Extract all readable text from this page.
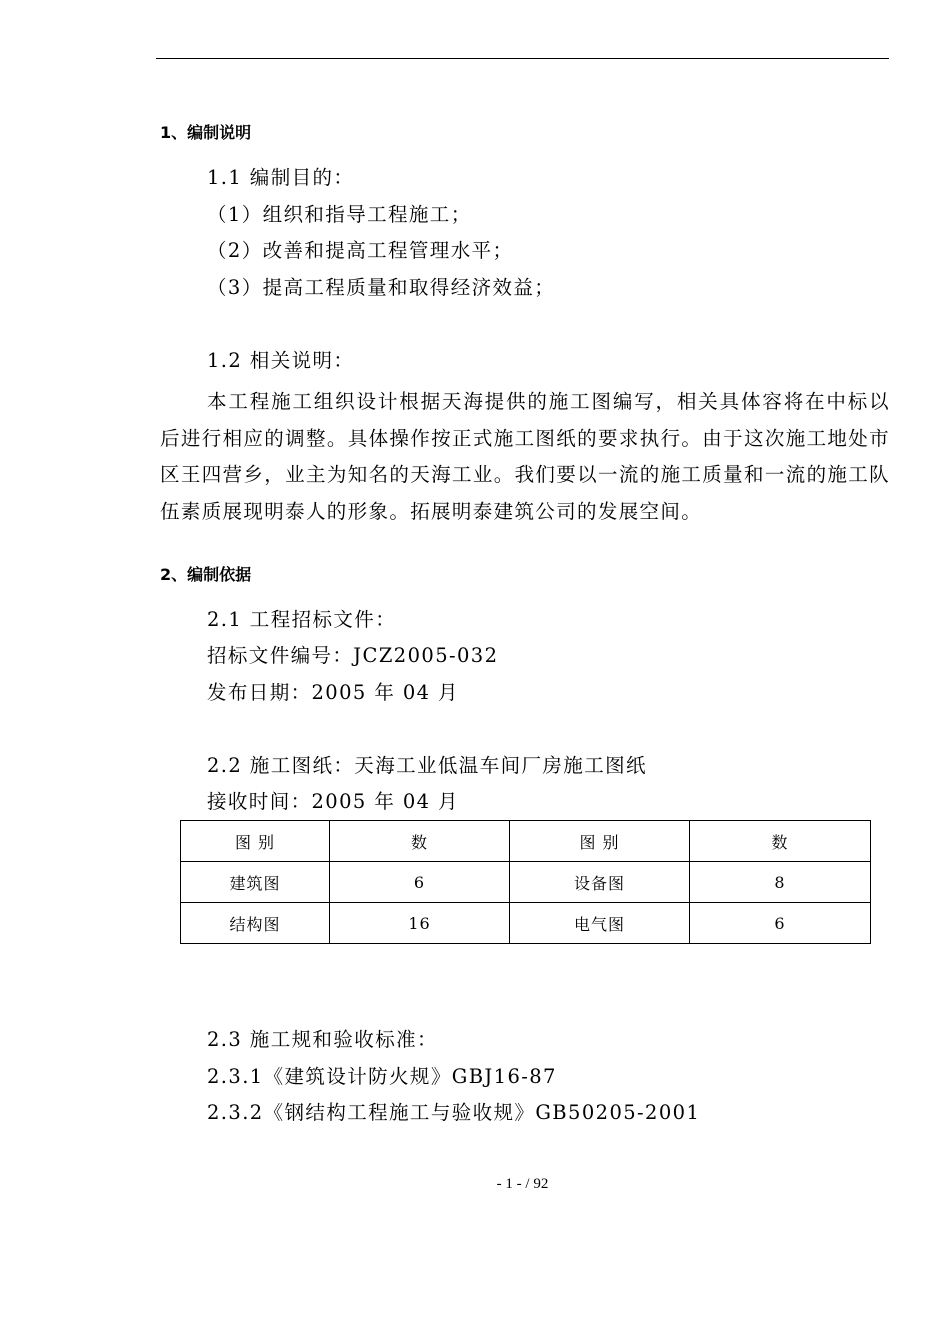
1、编制说明
1.1 编制目的：
（1）组织和指导工程施工；
（2）改善和提高工程管理水平；
（3）提高工程质量和取得经济效益；
1.2 相关说明：
本工程施工组织设计根据天海提供的施工图编写，相关具体容将在中标以后进行相应的调整。具体操作按正式施工图纸的要求执行。由于这次施工地处市区王四营乡，业主为知名的天海工业。我们要以一流的施工质量和一流的施工队伍素质展现明泰人的形象。拓展明泰建筑公司的发展空间。
2、编制依据
2.1 工程招标文件：
招标文件编号：JCZ2005-032
发布日期：2005 年 04 月
2.2 施工图纸：天海工业低温车间厂房施工图纸
接收时间：2005 年 04 月
图 别	数	图 别	数
建筑图	6	设备图	8
结构图	16	电气图	6
2.3 施工规和验收标准：
2.3.1《建筑设计防火规》GBJ16-87
2.3.2《钢结构工程施工与验收规》GB50205-2001
- 1 - / 92
